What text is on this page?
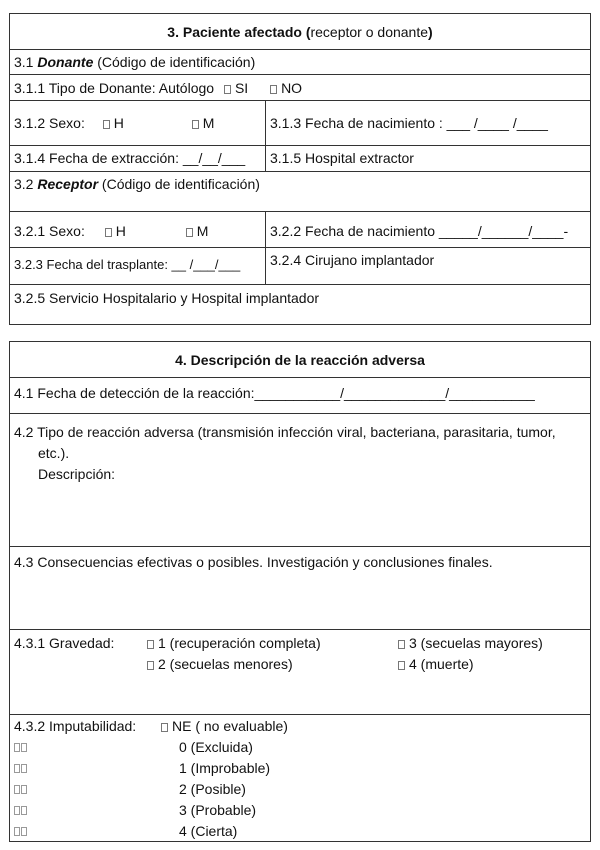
3. Paciente afectado (receptor o donante)
3.1 Donante (Código de identificación)
3.1.1 Tipo de Donante: Autólogo SI NO
3.1.2 Sexo: H	M	3.1.3 Fecha de nacimiento : ___ /____ /____
3.1.4 Fecha de extracción: __/__/___ 3.1.5 Hospital extractor
3.2 Receptor (Código de identificación)
3.2.1 Sexo: H	M	3.2.2 Fecha de nacimiento _____/______/____-
3.2.3 Fecha del trasplante: __ /___/___ 3.2.4 Cirujano implantador
3.2.5 Servicio Hospitalario y Hospital implantador
4. Descripción de la reacción adversa
4.1 Fecha de detección de la reacción:___________/_____________/___________
4.2 Tipo de reacción adversa (transmisión infección viral, bacteriana, parasitaria, tumor,
etc.).
Descripción:
4.3 Consecuencias efectivas o posibles. Investigación y conclusiones finales.
4.3.1 Gravedad:	1 (recuperación completa)
2 (secuelas menores)
3 (secuelas mayores)
4 (muerte)
4.3.2 Imputabilidad:	NE ( no evaluable)
0 (Excluida)
1 (Improbable)
2 (Posible)
3 (Probable)
4 (Cierta)
